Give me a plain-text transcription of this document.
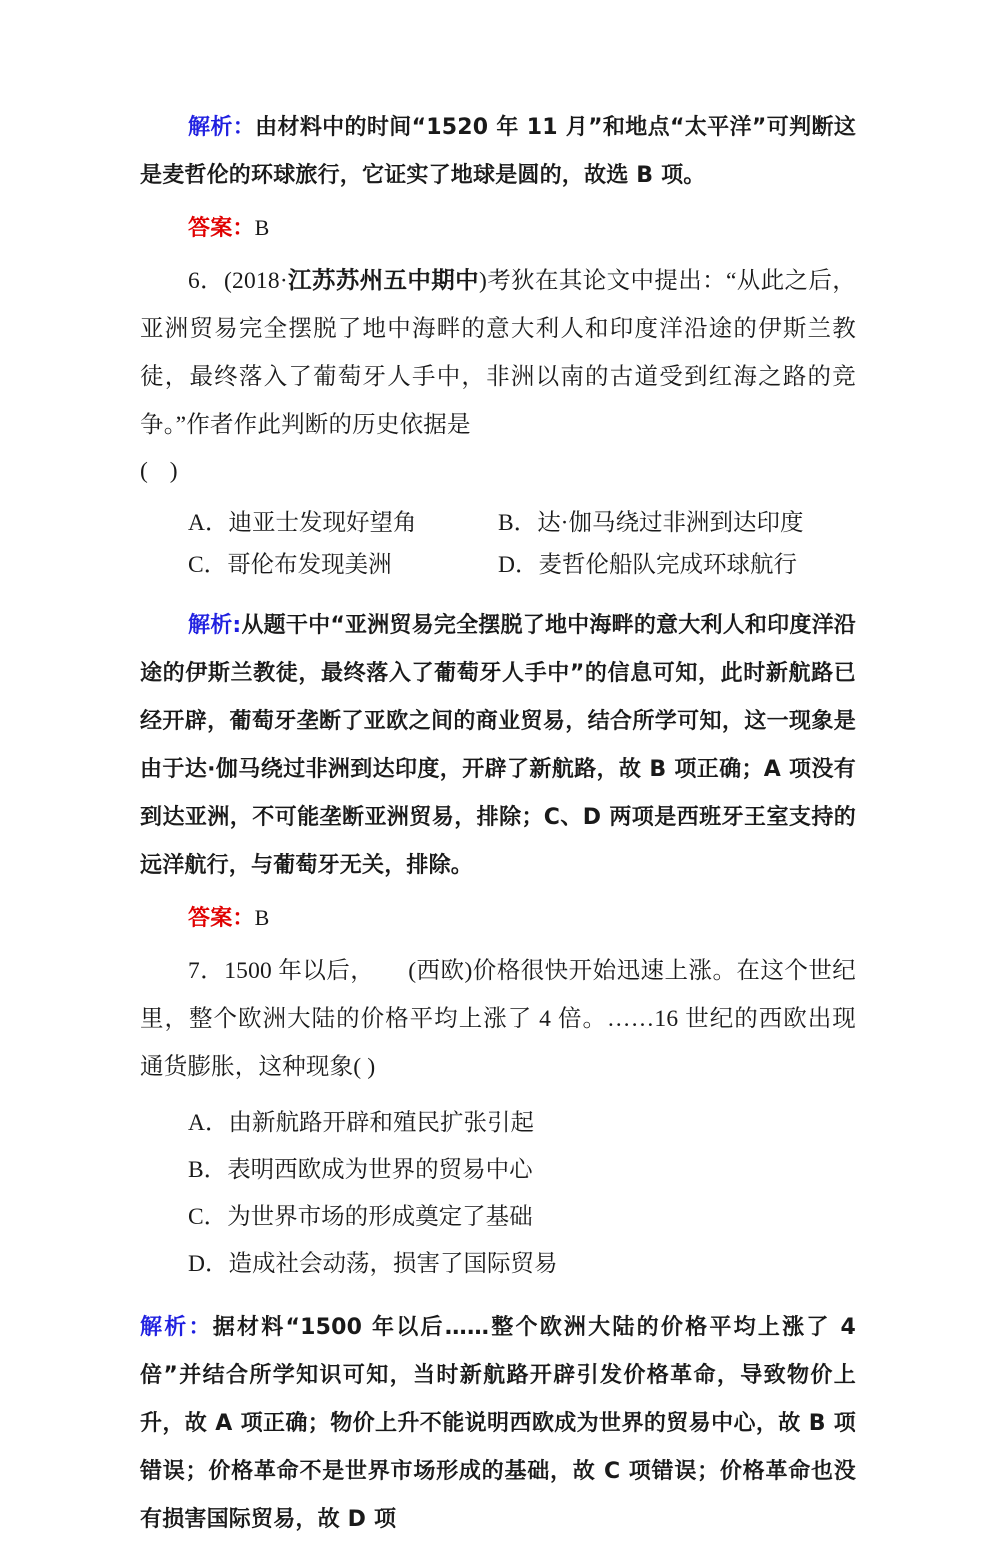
解析：由材料中的时间“1520 年 11 月”和地点“太平洋”可判断这是麦哲伦的环球旅行，它证实了地球是圆的，故选 B 项。

答案：B

6．(2018·江苏苏州五中期中)考狄在其论文中提出：“从此之后，亚洲贸易完全摆脱了地中海畔的意大利人和印度洋沿途的伊斯兰教徒，最终落入了葡萄牙人手中，非洲以南的古道受到红海之路的竞争。”作者作此判断的历史依据是

( )

A．迪亚士发现好望角	B．达·伽马绕过非洲到达印度
C．哥伦布发现美洲	D．麦哲伦船队完成环球航行

解析:从题干中“亚洲贸易完全摆脱了地中海畔的意大利人和印度洋沿途的伊斯兰教徒，最终落入了葡萄牙人手中”的信息可知，此时新航路已经开辟，葡萄牙垄断了亚欧之间的商业贸易，结合所学可知，这一现象是由于达·伽马绕过非洲到达印度，开辟了新航路，故 B 项正确；A 项没有到达亚洲，不可能垄断亚洲贸易，排除；C、D 两项是西班牙王室支持的远洋航行，与葡萄牙无关，排除。

答案：B

7．1500 年以后， (西欧)价格很快开始迅速上涨。在这个世纪里，整个欧洲大陆的价格平均上涨了 4 倍。……16 世纪的西欧出现通货膨胀，这种现象( )

A．由新航路开辟和殖民扩张引起

B．表明西欧成为世界的贸易中心

C．为世界市场的形成奠定了基础

D．造成社会动荡，损害了国际贸易

解析：据材料“1500 年以后……整个欧洲大陆的价格平均上涨了 4 倍”并结合所学知识可知，当时新航路开辟引发价格革命，导致物价上升，故 A 项正确；物价上升不能说明西欧成为世界的贸易中心，故 B 项错误；价格革命不是世界市场形成的基础，故 C 项错误；价格革命也没有损害国际贸易，故 D 项
